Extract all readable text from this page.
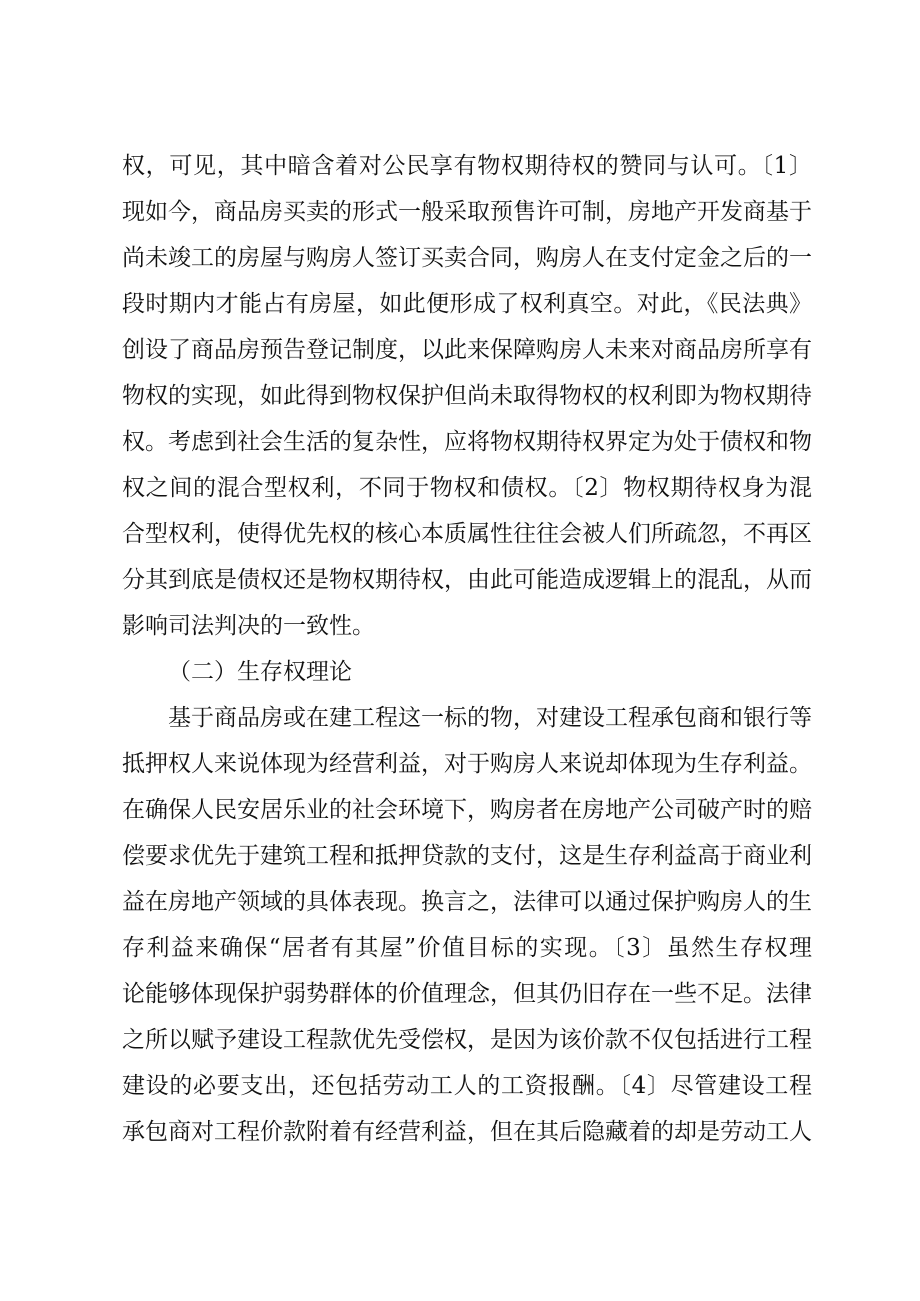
权，可见，其中暗含着对公民享有物权期待权的赞同与认可。〔1〕
现如今，商品房买卖的形式一般采取预售许可制，房地产开发商基于
尚未竣工的房屋与购房人签订买卖合同，购房人在支付定金之后的一
段时期内才能占有房屋，如此便形成了权利真空。对此，《民法典》
创设了商品房预告登记制度，以此来保障购房人未来对商品房所享有
物权的实现，如此得到物权保护但尚未取得物权的权利即为物权期待
权。考虑到社会生活的复杂性，应将物权期待权界定为处于债权和物
权之间的混合型权利，不同于物权和债权。〔2〕物权期待权身为混
合型权利，使得优先权的核心本质属性往往会被人们所疏忽，不再区
分其到底是债权还是物权期待权，由此可能造成逻辑上的混乱，从而
影响司法判决的一致性。
（二）生存权理论
基于商品房或在建工程这一标的物，对建设工程承包商和银行等
抵押权人来说体现为经营利益，对于购房人来说却体现为生存利益。
在确保人民安居乐业的社会环境下，购房者在房地产公司破产时的赔
偿要求优先于建筑工程和抵押贷款的支付，这是生存利益高于商业利
益在房地产领域的具体表现。换言之，法律可以通过保护购房人的生
存利益来确保“居者有其屋”价值目标的实现。〔3〕虽然生存权理
论能够体现保护弱势群体的价值理念，但其仍旧存在一些不足。法律
之所以赋予建设工程款优先受偿权，是因为该价款不仅包括进行工程
建设的必要支出，还包括劳动工人的工资报酬。〔4〕尽管建设工程
承包商对工程价款附着有经营利益，但在其后隐藏着的却是劳动工人
